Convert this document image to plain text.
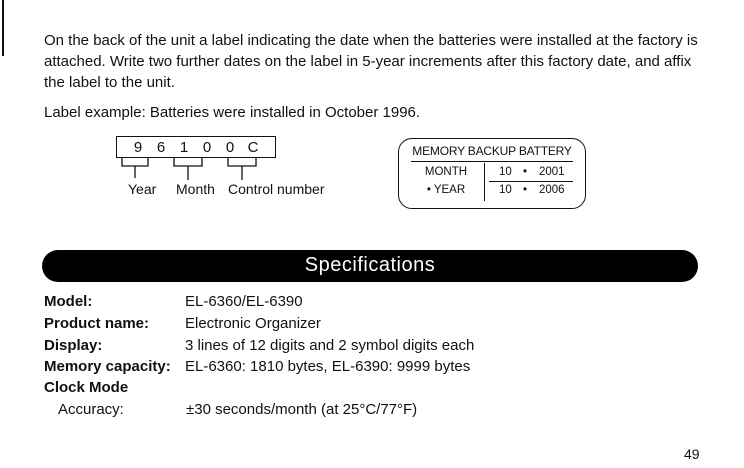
On the back of the unit a label indicating the date when the batteries were installed at the factory is attached. Write two further dates on the label in 5-year increments after this factory date, and affix the label to the unit.

Label example: Batteries were installed in October 1996.

9 6 1 0 0 C
Year Month Control number
MEMORY BACKUP BATTERY
MONTH	10 • 2001
• YEAR	10 • 2006
Specifications
Model:	EL-6360/EL-6390
Product name: Electronic Organizer
Display:	3 lines of 12 digits and 2 symbol digits each
Memory capacity: EL-6360: 1810 bytes, EL-6390: 9999 bytes
Clock Mode
Accuracy:	±30 seconds/month (at 25°C/77°F)
49
